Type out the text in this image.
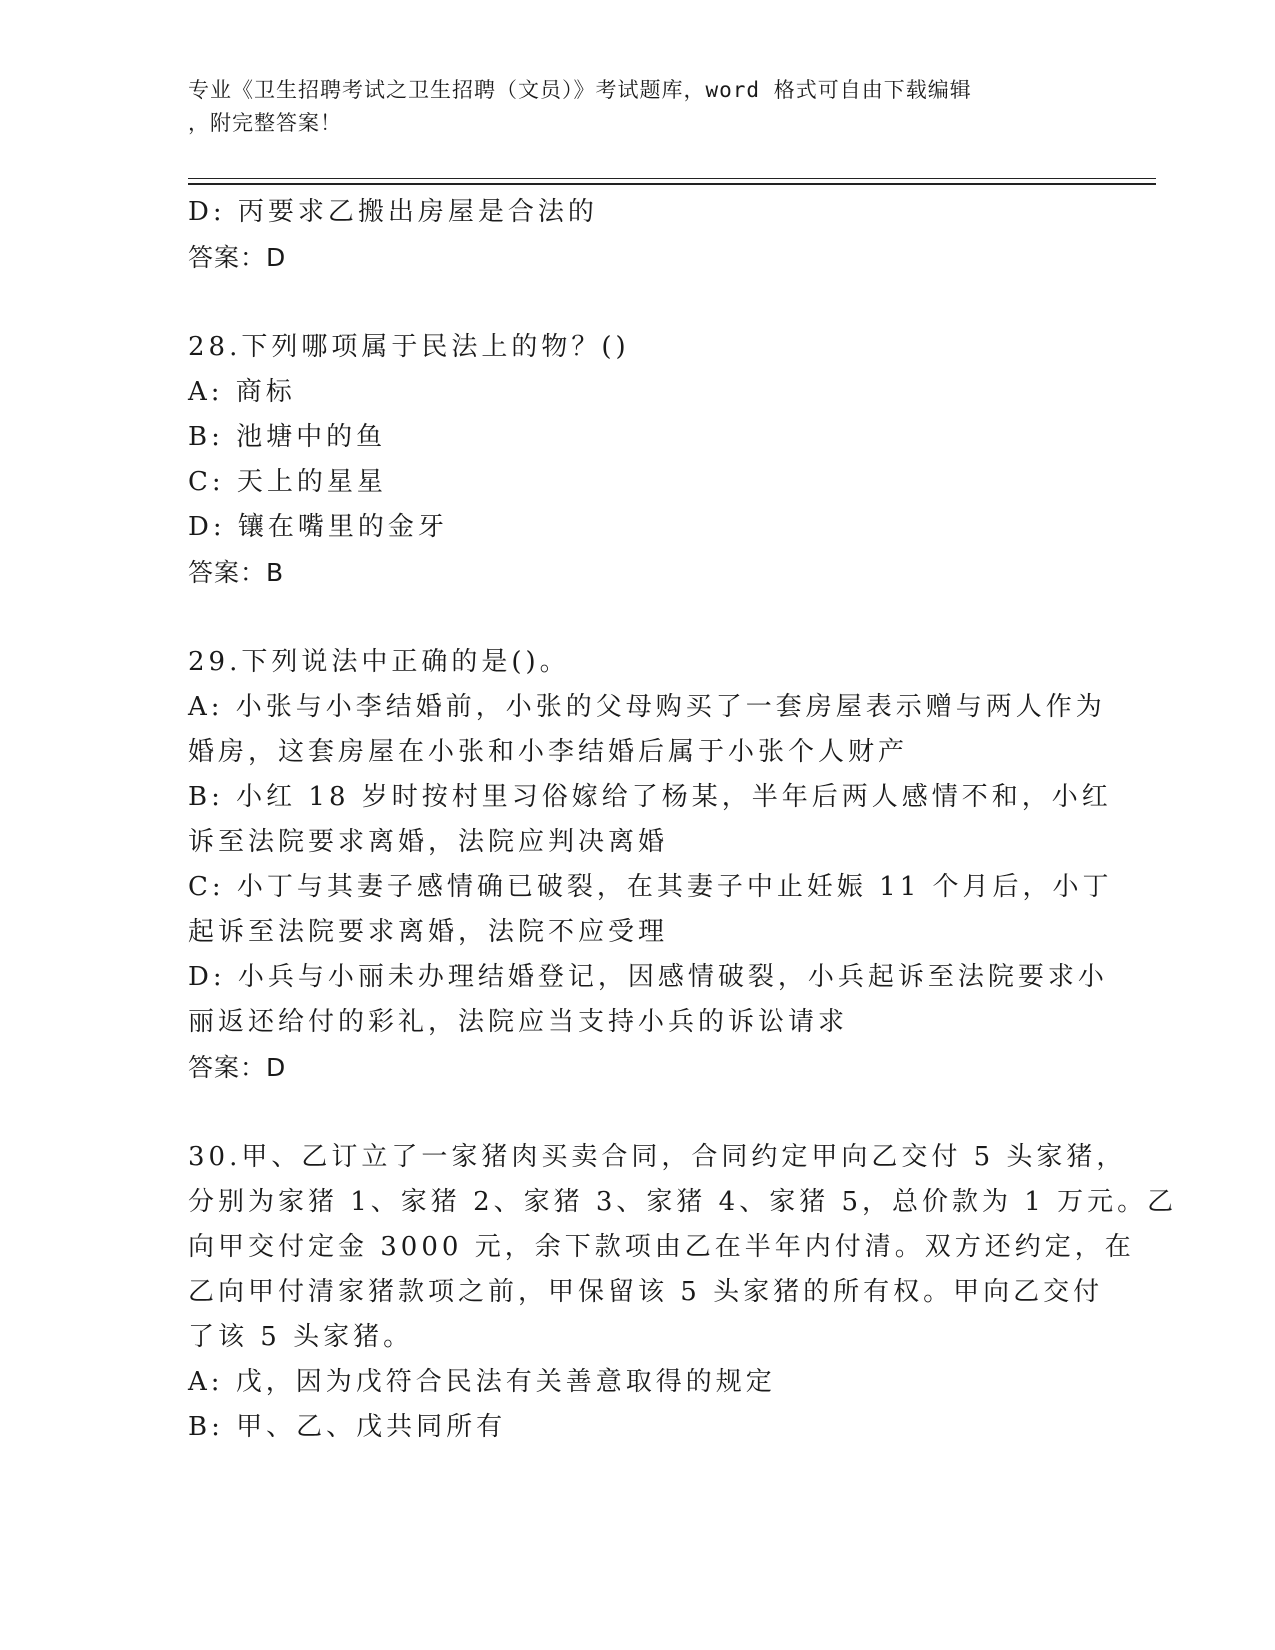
专业《卫生招聘考试之卫生招聘（文员）》考试题库，word 格式可自由下载编辑
，附完整答案！
D: 丙要求乙搬出房屋是合法的
答案：D
28.下列哪项属于民法上的物？()
A: 商标
B: 池塘中的鱼
C: 天上的星星
D: 镶在嘴里的金牙
答案：B
29.下列说法中正确的是()。
A: 小张与小李结婚前，小张的父母购买了一套房屋表示赠与两人作为
婚房，这套房屋在小张和小李结婚后属于小张个人财产
B: 小红 18 岁时按村里习俗嫁给了杨某，半年后两人感情不和，小红
诉至法院要求离婚，法院应判决离婚
C: 小丁与其妻子感情确已破裂，在其妻子中止妊娠 11 个月后，小丁
起诉至法院要求离婚，法院不应受理
D: 小兵与小丽未办理结婚登记，因感情破裂，小兵起诉至法院要求小
丽返还给付的彩礼，法院应当支持小兵的诉讼请求
答案：D
30.甲、乙订立了一家猪肉买卖合同，合同约定甲向乙交付 5 头家猪，
分别为家猪 1、家猪 2、家猪 3、家猪 4、家猪 5，总价款为 1 万元。乙
向甲交付定金 3000 元，余下款项由乙在半年内付清。双方还约定，在
乙向甲付清家猪款项之前，甲保留该 5 头家猪的所有权。甲向乙交付
了该 5 头家猪。
A: 戊，因为戊符合民法有关善意取得的规定
B: 甲、乙、戊共同所有
